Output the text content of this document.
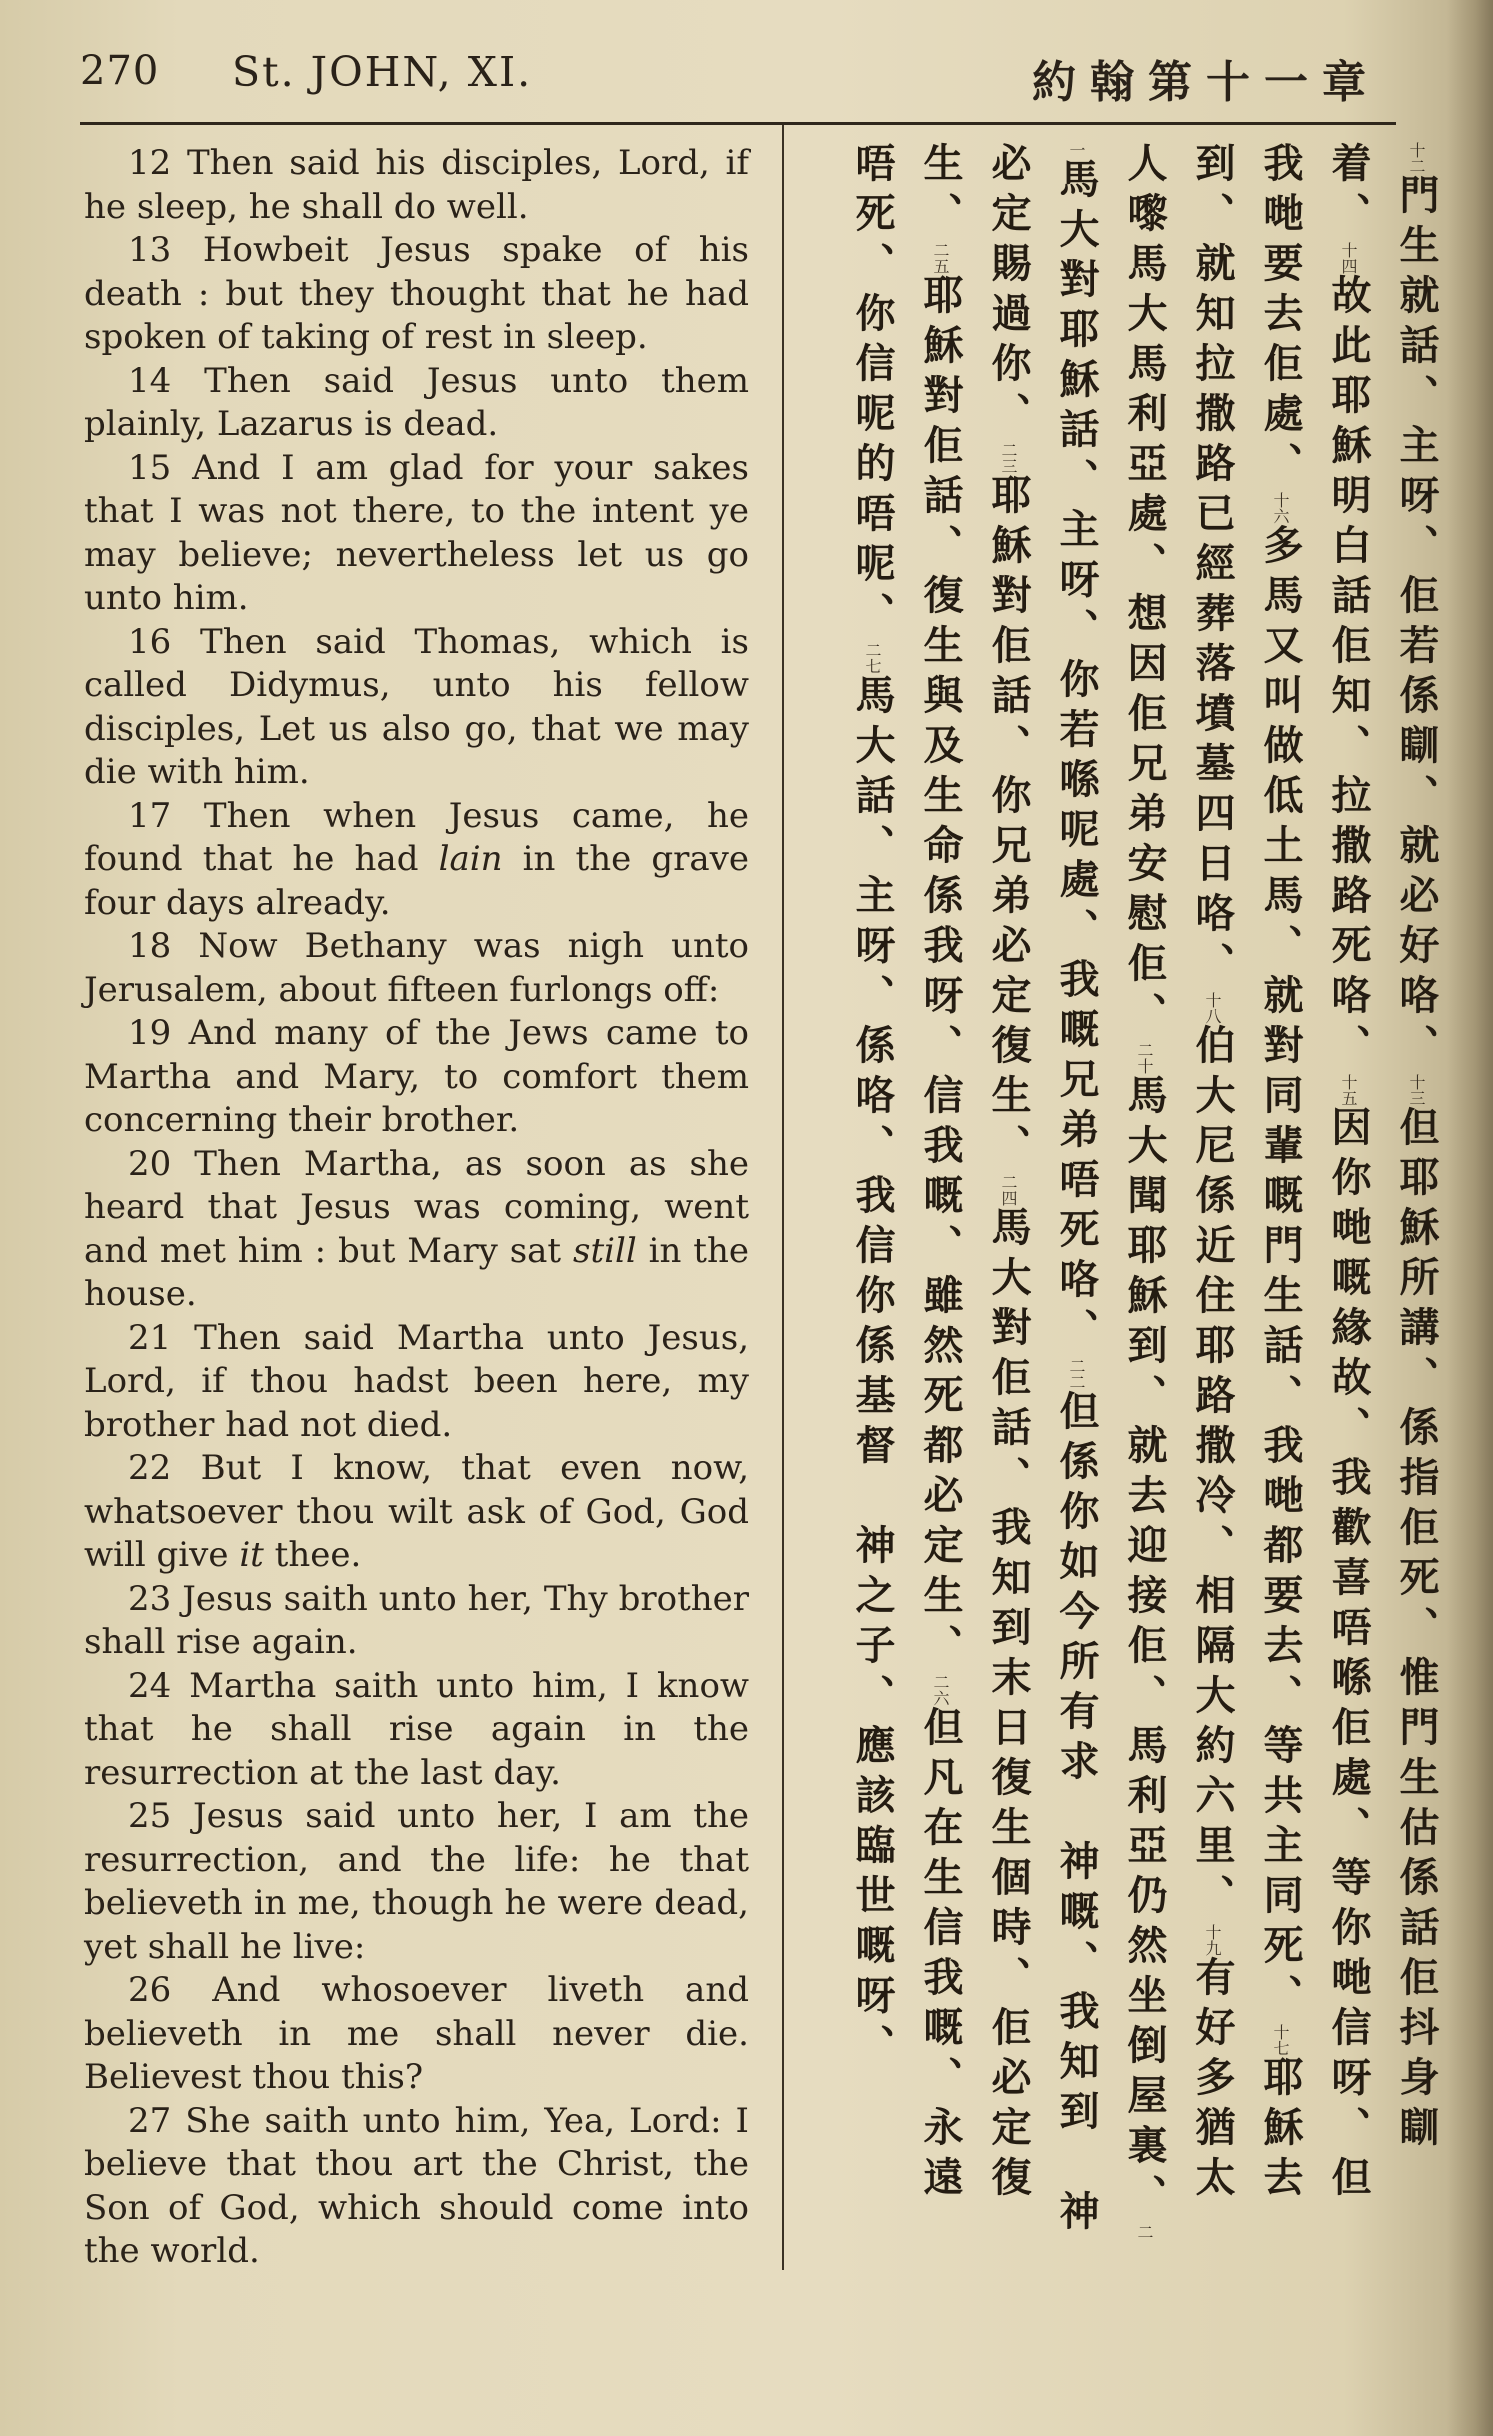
270 St. JOHN, XI.	約翰第十一章

12 Then said his disciples, Lord, if he sleep, he shall do well.

13 Howbeit Jesus spake of his death : but they thought that he had spoken of taking of rest in sleep.

14 Then said Jesus unto them plainly, Lazarus is dead.

15 And I am glad for your sakes that I was not there, to the intent ye may believe; nevertheless let us go unto him.

16 Then said Thomas, which is called Didymus, unto his fellow disciples, Let us also go, that we may die with him.

17 Then when Jesus came, he found that he had lain in the grave four days already.

18 Now Bethany was nigh unto Jerusalem, about fifteen furlongs off:

19 And many of the Jews came to Martha and Mary, to comfort them concerning their brother.

20 Then Martha, as soon as she heard that Jesus was coming, went and met him : but Mary sat still in the house.

21 Then said Martha unto Jesus, Lord, if thou hadst been here, my brother had not died.

22 But I know, that even now, whatsoever thou wilt ask of God, God will give it thee.

23 Jesus saith unto her, Thy brother shall rise again.

24 Martha saith unto him, I know that he shall rise again in the resurrection at the last day.

25 Jesus said unto her, I am the resurrection, and the life: he that believeth in me, though he were dead, yet shall he live:

26 And whosoever liveth and believeth in me shall never die. Believest thou this?

27 She saith unto him, Yea, Lord: I believe that thou art the Christ, the Son of God, which should come into the world.

十二門生就話、主呀、佢若係瞓、就必好咯、十三但耶穌所講、係指佢死、惟門生估係話佢抖身瞓着、十四故此耶穌明白話佢知、拉撒路死咯、十五因你哋嘅緣故、我歡喜唔喺佢處、等你哋信呀、但我哋要去佢處、十六多馬又叫做低土馬、就對同輩嘅門生話、我哋都要去、等共主同死、十七耶穌去到、就知拉撒路已經葬落墳墓四日咯、十八伯大尼係近住耶路撒冷、相隔大約六里、十九有好多猶太人嚟馬大馬利亞處、想因佢兄弟安慰佢、二十馬大聞耶穌到、就去迎接佢、馬利亞仍然坐倒屋裏、二一馬大對耶穌話、主呀、你若喺呢處、我嘅兄弟唔死咯、二二但係你如今所有求　神嘅、我知到　神必定賜過你、二三耶穌對佢話、你兄弟必定復生、二四馬大對佢話、我知到末日復生個時、佢必定復生、二五耶穌對佢話、復生與及生命係我呀、信我嘅、雖然死都必定生、二六但凡在生信我嘅、永遠唔死、你信呢的唔呢、二七馬大話、主呀、係咯、我信你係基督　神之子、應該臨世嘅呀、
